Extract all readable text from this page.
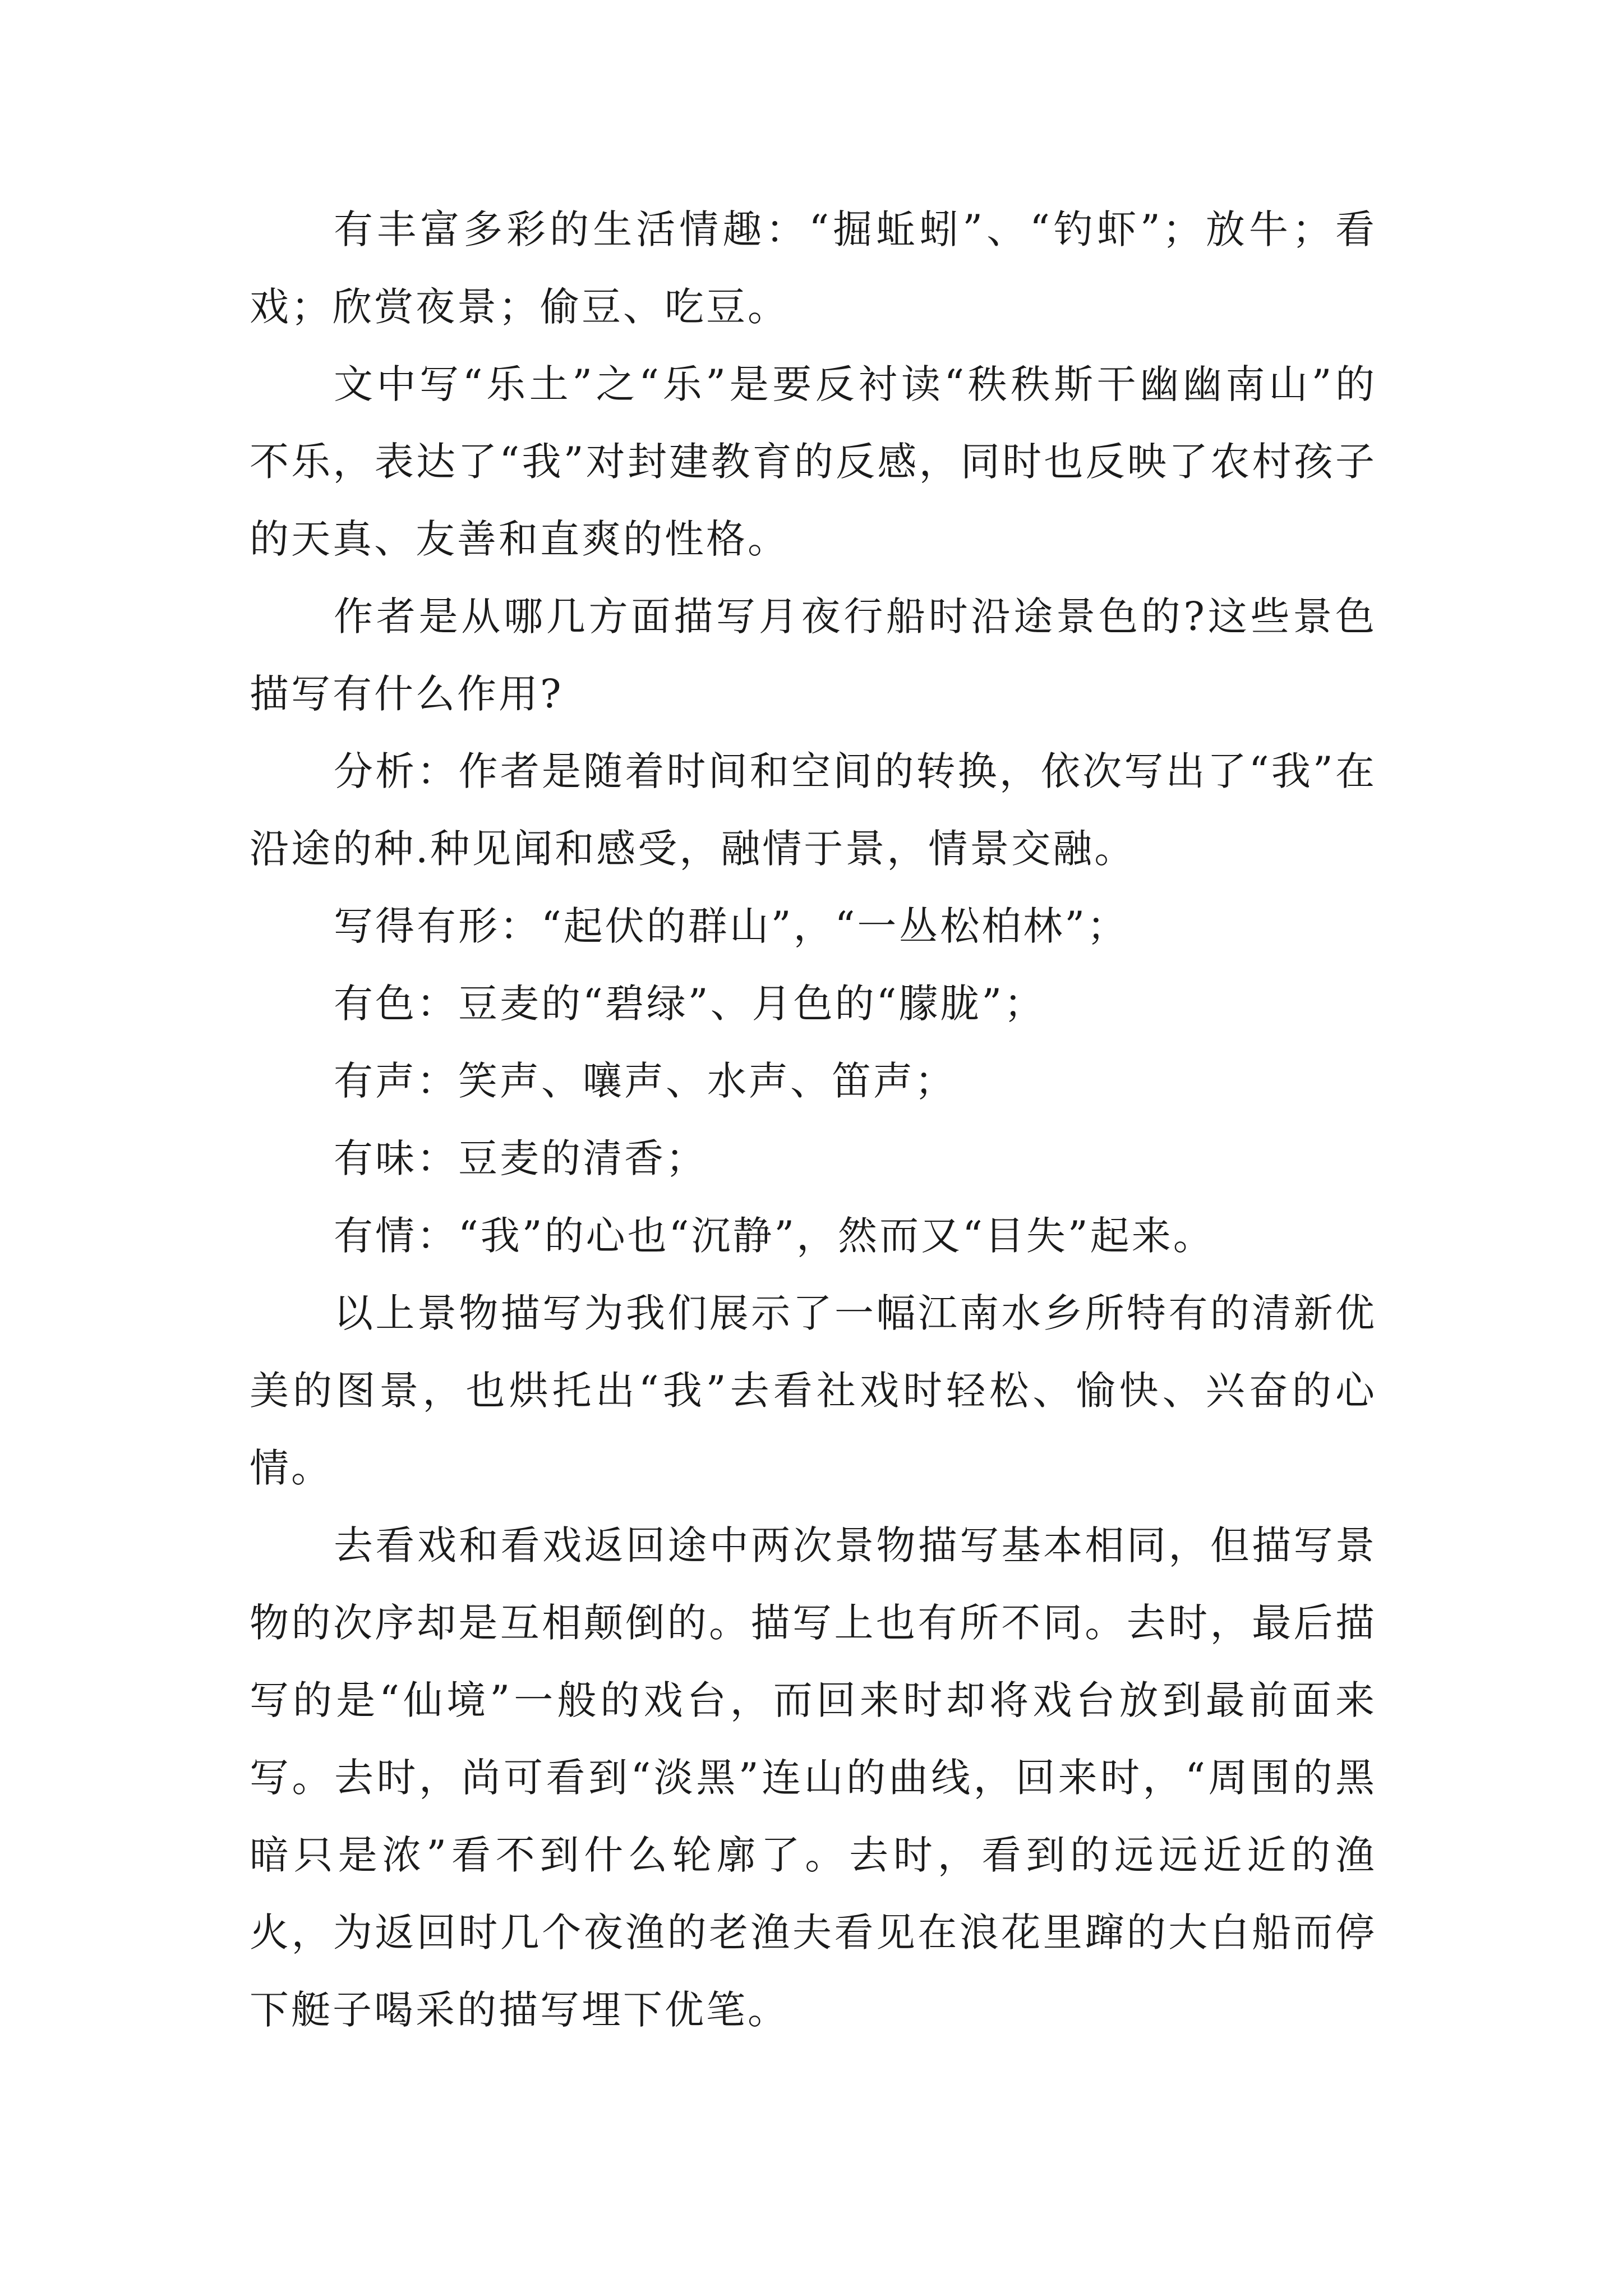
有丰富多彩的生活情趣：“掘蚯蚓”、“钓虾”；放牛；看戏；欣赏夜景；偷豆、吃豆。

文中写“乐土”之“乐”是要反衬读“秩秩斯干幽幽南山”的不乐，表达了“我”对封建教育的反感，同时也反映了农村孩子的天真、友善和直爽的性格。

作者是从哪几方面描写月夜行船时沿途景色的?这些景色描写有什么作用?

分析：作者是随着时间和空间的转换，依次写出了“我”在沿途的种.种见闻和感受，融情于景，情景交融。

写得有形：“起伏的群山”，“一丛松柏林”；

有色：豆麦的“碧绿”、月色的“朦胧”；

有声：笑声、嚷声、水声、笛声；

有味：豆麦的清香；

有情：“我”的心也“沉静”，然而又“目失”起来。

以上景物描写为我们展示了一幅江南水乡所特有的清新优美的图景，也烘托出“我”去看社戏时轻松、愉快、兴奋的心情。

去看戏和看戏返回途中两次景物描写基本相同，但描写景物的次序却是互相颠倒的。描写上也有所不同。去时，最后描写的是“仙境”一般的戏台，而回来时却将戏台放到最前面来写。去时，尚可看到“淡黑”连山的曲线，回来时，“周围的黑暗只是浓”看不到什么轮廓了。去时，看到的远远近近的渔火，为返回时几个夜渔的老渔夫看见在浪花里蹿的大白船而停下艇子喝采的描写埋下优笔。
